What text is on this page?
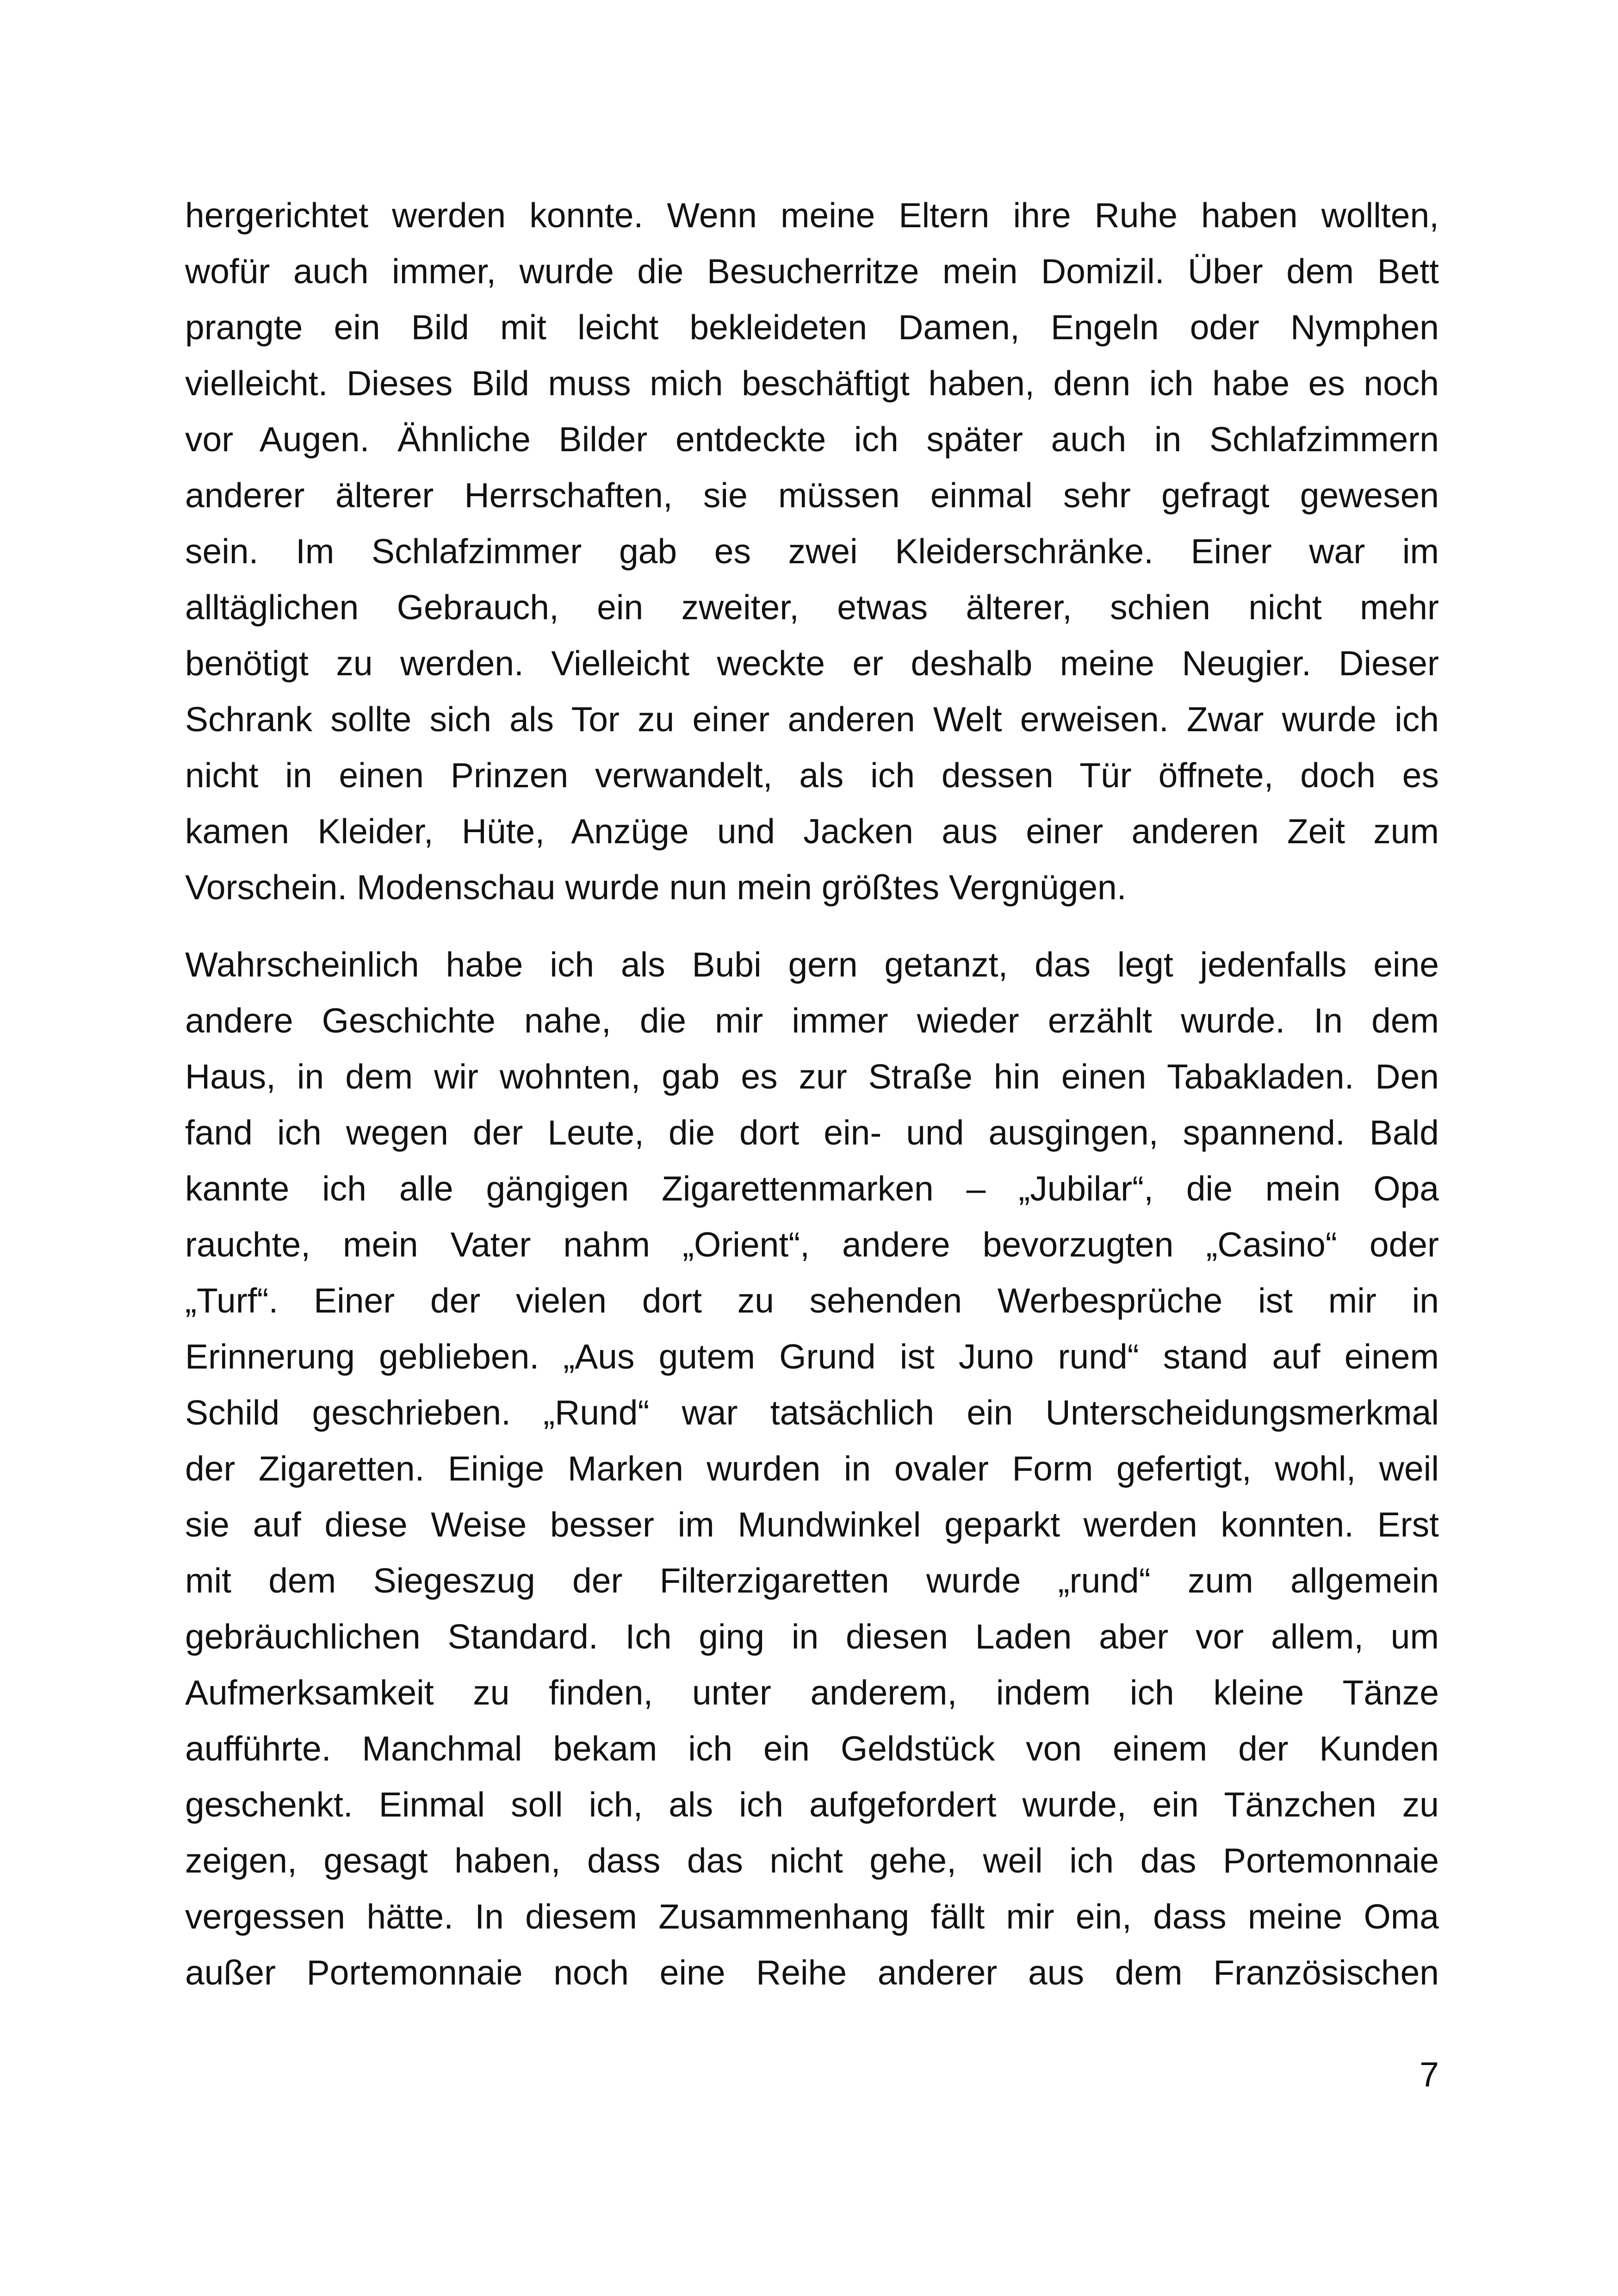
hergerichtet werden konnte. Wenn meine Eltern ihre Ruhe haben wollten,
wofür auch immer, wurde die Besucherritze mein Domizil. Über dem Bett
prangte ein Bild mit leicht bekleideten Damen, Engeln oder Nymphen
vielleicht. Dieses Bild muss mich beschäftigt haben, denn ich habe es noch
vor Augen. Ähnliche Bilder entdeckte ich später auch in Schlafzimmern
anderer älterer Herrschaften, sie müssen einmal sehr gefragt gewesen
sein. Im Schlafzimmer gab es zwei Kleiderschränke. Einer war im
alltäglichen Gebrauch, ein zweiter, etwas älterer, schien nicht mehr
benötigt zu werden. Vielleicht weckte er deshalb meine Neugier. Dieser
Schrank sollte sich als Tor zu einer anderen Welt erweisen. Zwar wurde ich
nicht in einen Prinzen verwandelt, als ich dessen Tür öffnete, doch es
kamen Kleider, Hüte, Anzüge und Jacken aus einer anderen Zeit zum
Vorschein. Modenschau wurde nun mein größtes Vergnügen.
Wahrscheinlich habe ich als Bubi gern getanzt, das legt jedenfalls eine
andere Geschichte nahe, die mir immer wieder erzählt wurde. In dem
Haus, in dem wir wohnten, gab es zur Straße hin einen Tabakladen. Den
fand ich wegen der Leute, die dort ein- und ausgingen, spannend. Bald
kannte ich alle gängigen Zigarettenmarken – „Jubilar“, die mein Opa
rauchte, mein Vater nahm „Orient“, andere bevorzugten „Casino“ oder
„Turf“. Einer der vielen dort zu sehenden Werbesprüche ist mir in
Erinnerung geblieben. „Aus gutem Grund ist Juno rund“ stand auf einem
Schild geschrieben. „Rund“ war tatsächlich ein Unterscheidungsmerkmal
der Zigaretten. Einige Marken wurden in ovaler Form gefertigt, wohl, weil
sie auf diese Weise besser im Mundwinkel geparkt werden konnten. Erst
mit dem Siegeszug der Filterzigaretten wurde „rund“ zum allgemein
gebräuchlichen Standard. Ich ging in diesen Laden aber vor allem, um
Aufmerksamkeit zu finden, unter anderem, indem ich kleine Tänze
aufführte. Manchmal bekam ich ein Geldstück von einem der Kunden
geschenkt. Einmal soll ich, als ich aufgefordert wurde, ein Tänzchen zu
zeigen, gesagt haben, dass das nicht gehe, weil ich das Portemonnaie
vergessen hätte. In diesem Zusammenhang fällt mir ein, dass meine Oma
außer Portemonnaie noch eine Reihe anderer aus dem Französischen
7
